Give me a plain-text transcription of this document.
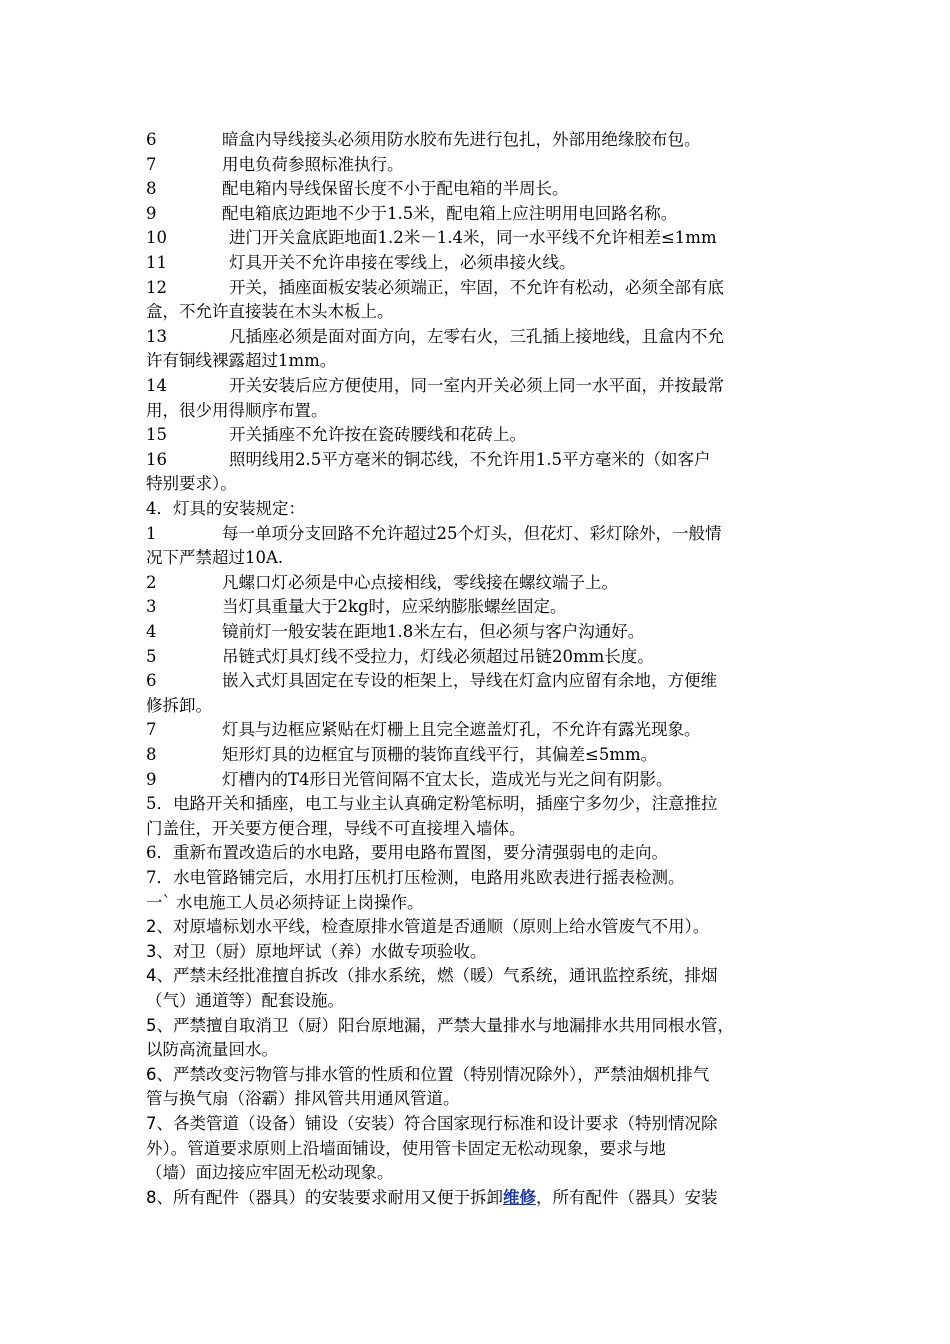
6	暗盒内导线接头必须用防水胶布先进行包扎，外部用绝缘胶布包。
7	用电负荷参照标准执行。
8	配电箱内导线保留长度不小于配电箱的半周长。
9	配电箱底边距地不少于1.5米，配电箱上应注明用电回路名称。
10	进门开关盒底距地面1.2米－1.4米，同一水平线不允许相差≤1mm
11	灯具开关不允许串接在零线上，必须串接火线。
12	开关，插座面板安装必须端正，牢固，不允许有松动，必须全部有底
盒，不允许直接装在木头木板上。
13	凡插座必须是面对面方向，左零右火，三孔插上接地线，且盒内不允
许有铜线裸露超过1mm。
14	开关安装后应方便使用，同一室内开关必须上同一水平面，并按最常
用，很少用得顺序布置。
15	开关插座不允许按在瓷砖腰线和花砖上。
16	照明线用2.5平方毫米的铜芯线，不允许用1.5平方毫米的（如客户
特别要求）。
4．灯具的安装规定：
1	每一单项分支回路不允许超过25个灯头，但花灯、彩灯除外，一般情
况下严禁超过10A.
2	凡螺口灯必须是中心点接相线，零线接在螺纹端子上。
3	当灯具重量大于2kg时，应采纳膨胀螺丝固定。
4	镜前灯一般安装在距地1.8米左右，但必须与客户沟通好。
5	吊链式灯具灯线不受拉力，灯线必须超过吊链20mm长度。
6	嵌入式灯具固定在专设的柜架上，导线在灯盒内应留有余地，方便维
修拆卸。
7	灯具与边框应紧贴在灯栅上且完全遮盖灯孔，不允许有露光现象。
8	矩形灯具的边框宜与顶栅的装饰直线平行，其偏差≤5mm。
9	灯槽内的T4形日光管间隔不宜太长，造成光与光之间有阴影。
5．电路开关和插座，电工与业主认真确定粉笔标明，插座宁多勿少，注意推拉
门盖住，开关要方便合理，导线不可直接埋入墙体。
6．重新布置改造后的水电路，要用电路布置图，要分清强弱电的走向。
7．水电管路铺完后，水用打压机打压检测，电路用兆欧表进行摇表检测。
一` 水电施工人员必须持证上岗操作。
2、对原墙标划水平线，检查原排水管道是否通顺（原则上给水管废气不用）。
3、对卫（厨）原地坪试（养）水做专项验收。
4、严禁未经批准擅自拆改（排水系统，燃（暖）气系统，通讯监控系统，排烟
（气）通道等）配套设施。
5、严禁擅自取消卫（厨）阳台原地漏，严禁大量排水与地漏排水共用同根水管，
以防高流量回水。
6、严禁改变污物管与排水管的性质和位置（特别情况除外），严禁油烟机排气
管与换气扇（浴霸）排风管共用通风管道。
7、各类管道（设备）铺设（安装）符合国家现行标准和设计要求（特别情况除
外）。管道要求原则上沿墙面铺设，使用管卡固定无松动现象，要求与地
（墙）面边接应牢固无松动现象。
8、所有配件（器具）的安装要求耐用又便于拆卸维修，所有配件（器具）安装
